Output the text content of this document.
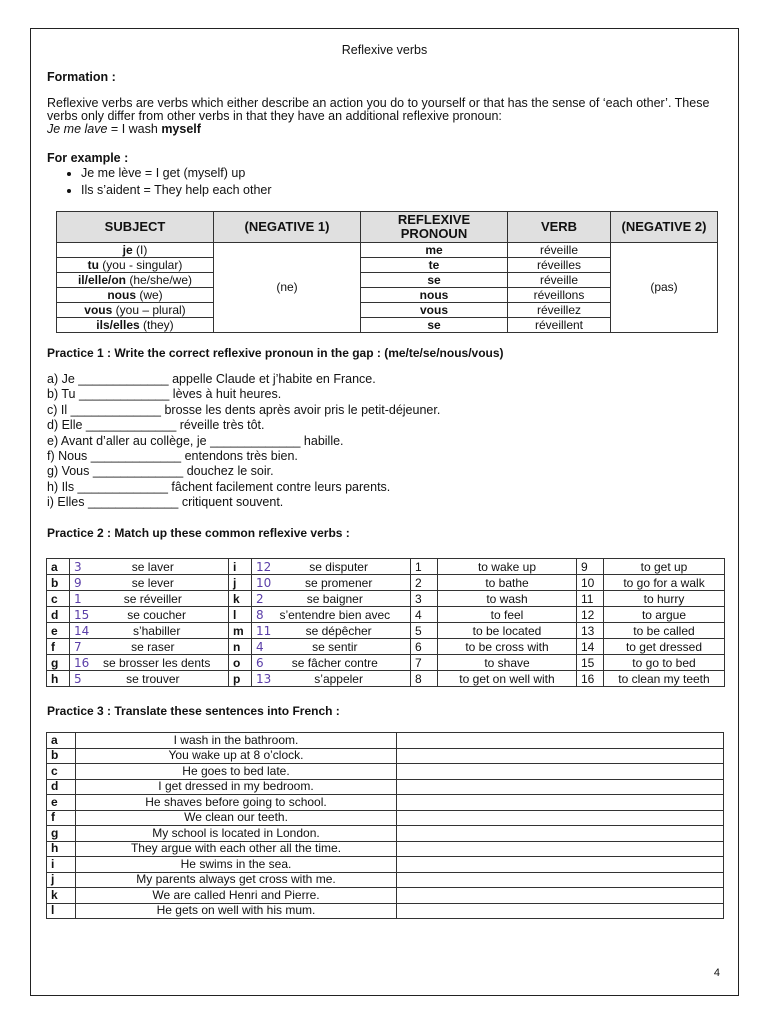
Reflexive verbs
Formation :

Reflexive verbs are verbs which either describe an action you do to yourself or that has the sense of ‘each other’. These verbs only differ from other verbs in that they have an additional reflexive pronoun:

Je me lave = I wash myself

For example :
• Je me lève = I get (myself) up
• Ils s’aident = They help each other
SUBJECT	(NEGATIVE 1)	REFLEXIVE PRONOUN	VERB	(NEGATIVE 2)
je (I)	(ne)	me	réveille	(pas)
tu (you - singular)		te	réveilles	
il/elle/on (he/she/we)		se	réveille	
nous (we)		nous	réveillons	
vous (you – plural)		vous	réveillez	
ils/elles (they)		se	réveillent	
Practice 1 : Write the correct reflexive pronoun in the gap : (me/te/se/nous/vous)

a) Je _____________ appelle Claude et j’habite en France.

b) Tu _____________ lèves à huit heures.

c) Il _____________ brosse les dents après avoir pris le petit-déjeuner.

d) Elle _____________ réveille très tôt.

e) Avant d’aller au collège, je _____________ habille.

f) Nous _____________ entendons très bien.

g) Vous _____________ douchez le soir.

h) Ils _____________ fâchent facilement contre leurs parents.

i) Elles _____________ critiquent souvent.

Practice 2 : Match up these common reflexive verbs :
a	3 se laver	i	12 se disputer	1	to wake up	9	to get up
b	9 se lever	j	10 se promener	2	to bathe	10	to go for a walk
c	1 se réveiller	k	2 se baigner	3	to wash	11	to hurry
d	15 se coucher	l	8 s’entendre bien avec	4	to feel	12	to argue
e	14 s’habiller	m	11 se dépêcher	5	to be located	13	to be called
f	7 se raser	n	4 se sentir	6	to be cross with	14	to get dressed
g	16 se brosser les dents	o	6 se fâcher contre	7	to shave	15	to go to bed
h	5 se trouver	p	13 s’appeler	8	to get on well with	16	to clean my teeth
Practice 3 : Translate these sentences into French :
a	I wash in the bathroom.	
b	You wake up at 8 o’clock.	
c	He goes to bed late.	
d	I get dressed in my bedroom.	
e	He shaves before going to school.	
f	We clean our teeth.	
g	My school is located in London.	
h	They argue with each other all the time.	
i	He swims in the sea.	
j	My parents always get cross with me.	
k	We are called Henri and Pierre.	
l	He gets on well with his mum.	
4
